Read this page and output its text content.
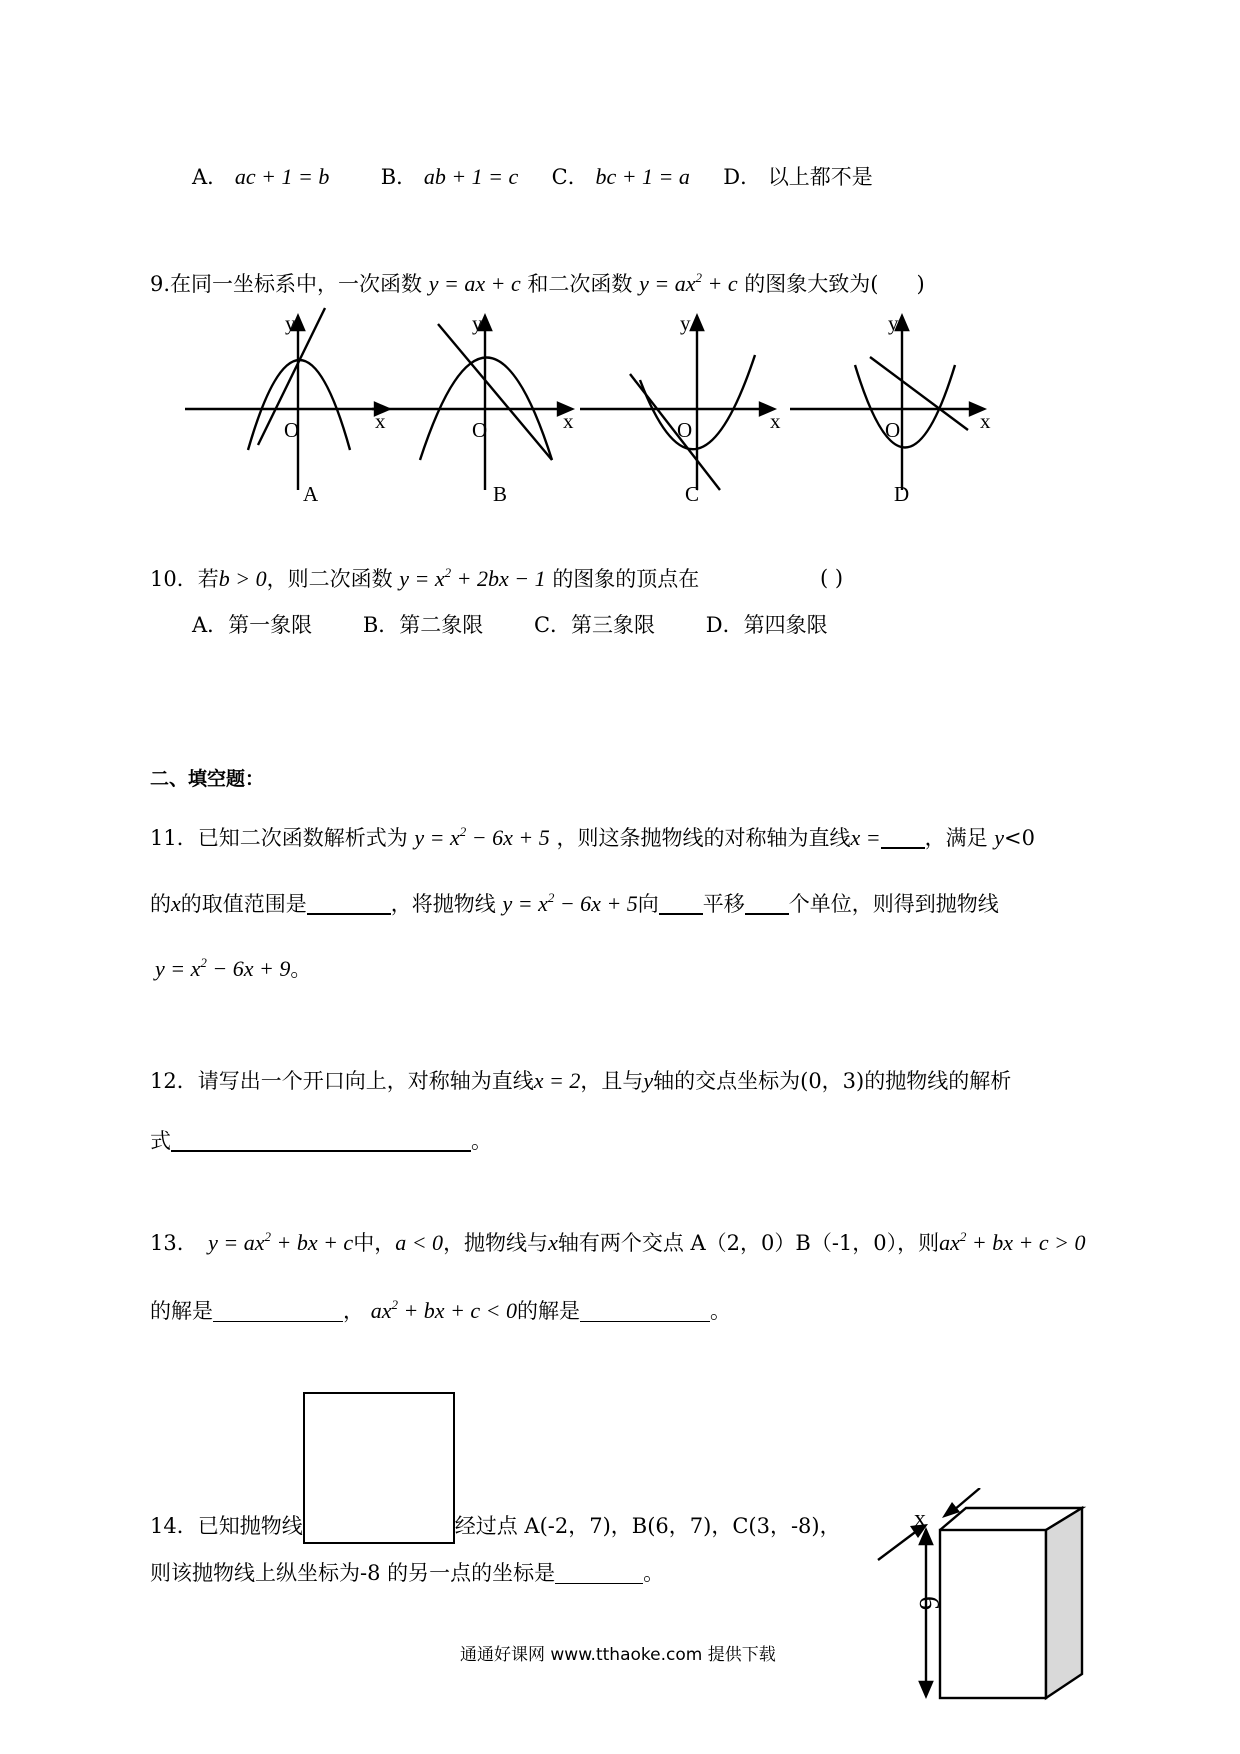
A． ac + 1 = b B． ab + 1 = c C． bc + 1 = a D． 以上都不是
9.在同一坐标系中，一次函数 y = ax + c 和二次函数 $y = ax^2 + c$ 的图象大致为( )
y
x
O
A
y
x
O
B
y
x
O
C
y
x
O
D
10．若b > 0，则二次函数 $y = x^2 + 2bx - 1$ 的图象的顶点在	( )
A．第一象限 B．第二象限 C．第三象限 D．第四象限
二、填空题：
11．已知二次函数解析式为 $y = x^2 - 6x + 5$ ，则这条抛物线的对称轴为直线x = ，满足 y<0
的x的取值范围是	，将抛物线 $y = x^2 - 6x + 5$向 平移 个单位，则得到抛物线
$y = x^2 - 6x + 9$。
12．请写出一个开口向上，对称轴为直线x = 2，且与y轴的交点坐标为(0，3)的抛物线的解析
式	。
13. $y = ax^2$ + bx + c中，a < 0，抛物线与x轴有两个交点 A（2，0）B（-1，0），则$ax^2$ + bx + c > 0
的解是	， $ax^2$ + bx + c < 0的解是	。
14．已知抛物线	经过点 A(-2，7)，B(6，7)，C(3，-8)，
则该抛物线上纵坐标为-8 的另一点的坐标是	。
x
6
通通好课网 www.tthaoke.com 提供下载
